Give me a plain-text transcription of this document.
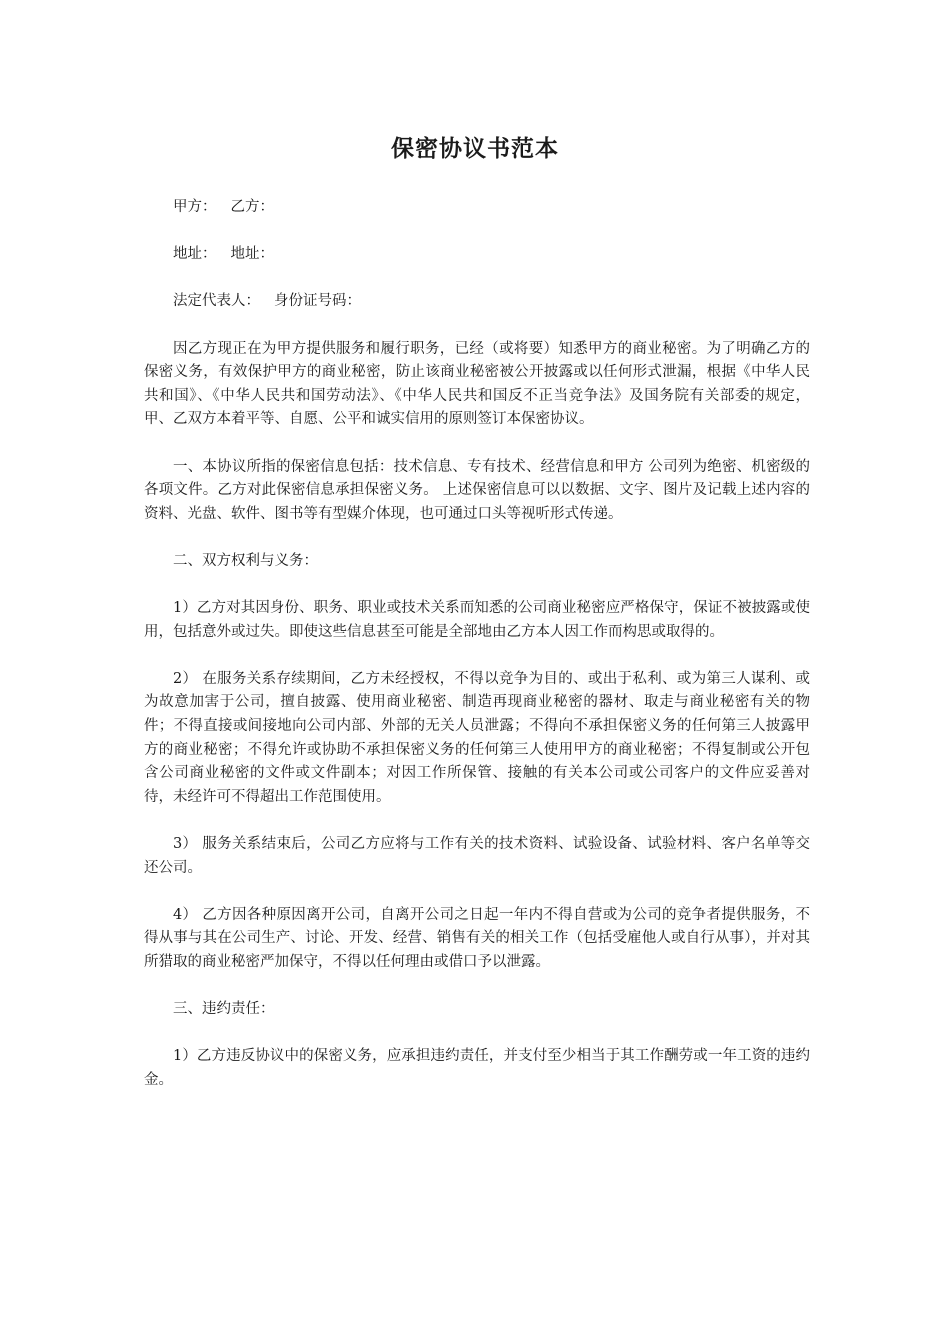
保密协议书范本

甲方： 乙方：

地址： 地址：

法定代表人： 身份证号码：

因乙方现正在为甲方提供服务和履行职务，已经（或将要）知悉甲方的商业秘密。为了明确乙方的保密义务，有效保护甲方的商业秘密，防止该商业秘密被公开披露或以任何形式泄漏，根据《中华人民共和国》、《中华人民共和国劳动法》、《中华人民共和国反不正当竞争法》及国务院有关部委的规定，甲、乙双方本着平等、自愿、公平和诚实信用的原则签订本保密协议。

一、本协议所指的保密信息包括：技术信息、专有技术、经营信息和甲方 公司列为绝密、机密级的各项文件。乙方对此保密信息承担保密义务。 上述保密信息可以以数据、文字、图片及记载上述内容的资料、光盘、软件、图书等有型媒介体现，也可通过口头等视听形式传递。

二、双方权利与义务：

1）乙方对其因身份、职务、职业或技术关系而知悉的公司商业秘密应严格保守，保证不被披露或使用，包括意外或过失。即使这些信息甚至可能是全部地由乙方本人因工作而构思或取得的。

2） 在服务关系存续期间，乙方未经授权，不得以竞争为目的、或出于私利、或为第三人谋利、或为故意加害于公司，擅自披露、使用商业秘密、制造再现商业秘密的器材、取走与商业秘密有关的物件；不得直接或间接地向公司内部、外部的无关人员泄露；不得向不承担保密义务的任何第三人披露甲方的商业秘密；不得允许或协助不承担保密义务的任何第三人使用甲方的商业秘密；不得复制或公开包含公司商业秘密的文件或文件副本；对因工作所保管、接触的有关本公司或公司客户的文件应妥善对待，未经许可不得超出工作范围使用。

3） 服务关系结束后，公司乙方应将与工作有关的技术资料、试验设备、试验材料、客户名单等交还公司。

4） 乙方因各种原因离开公司，自离开公司之日起一年内不得自营或为公司的竞争者提供服务，不得从事与其在公司生产、讨论、开发、经营、销售有关的相关工作（包括受雇他人或自行从事），并对其所猎取的商业秘密严加保守，不得以任何理由或借口予以泄露。

三、违约责任：

1）乙方违反协议中的保密义务，应承担违约责任，并支付至少相当于其工作酬劳或一年工资的违约金。
